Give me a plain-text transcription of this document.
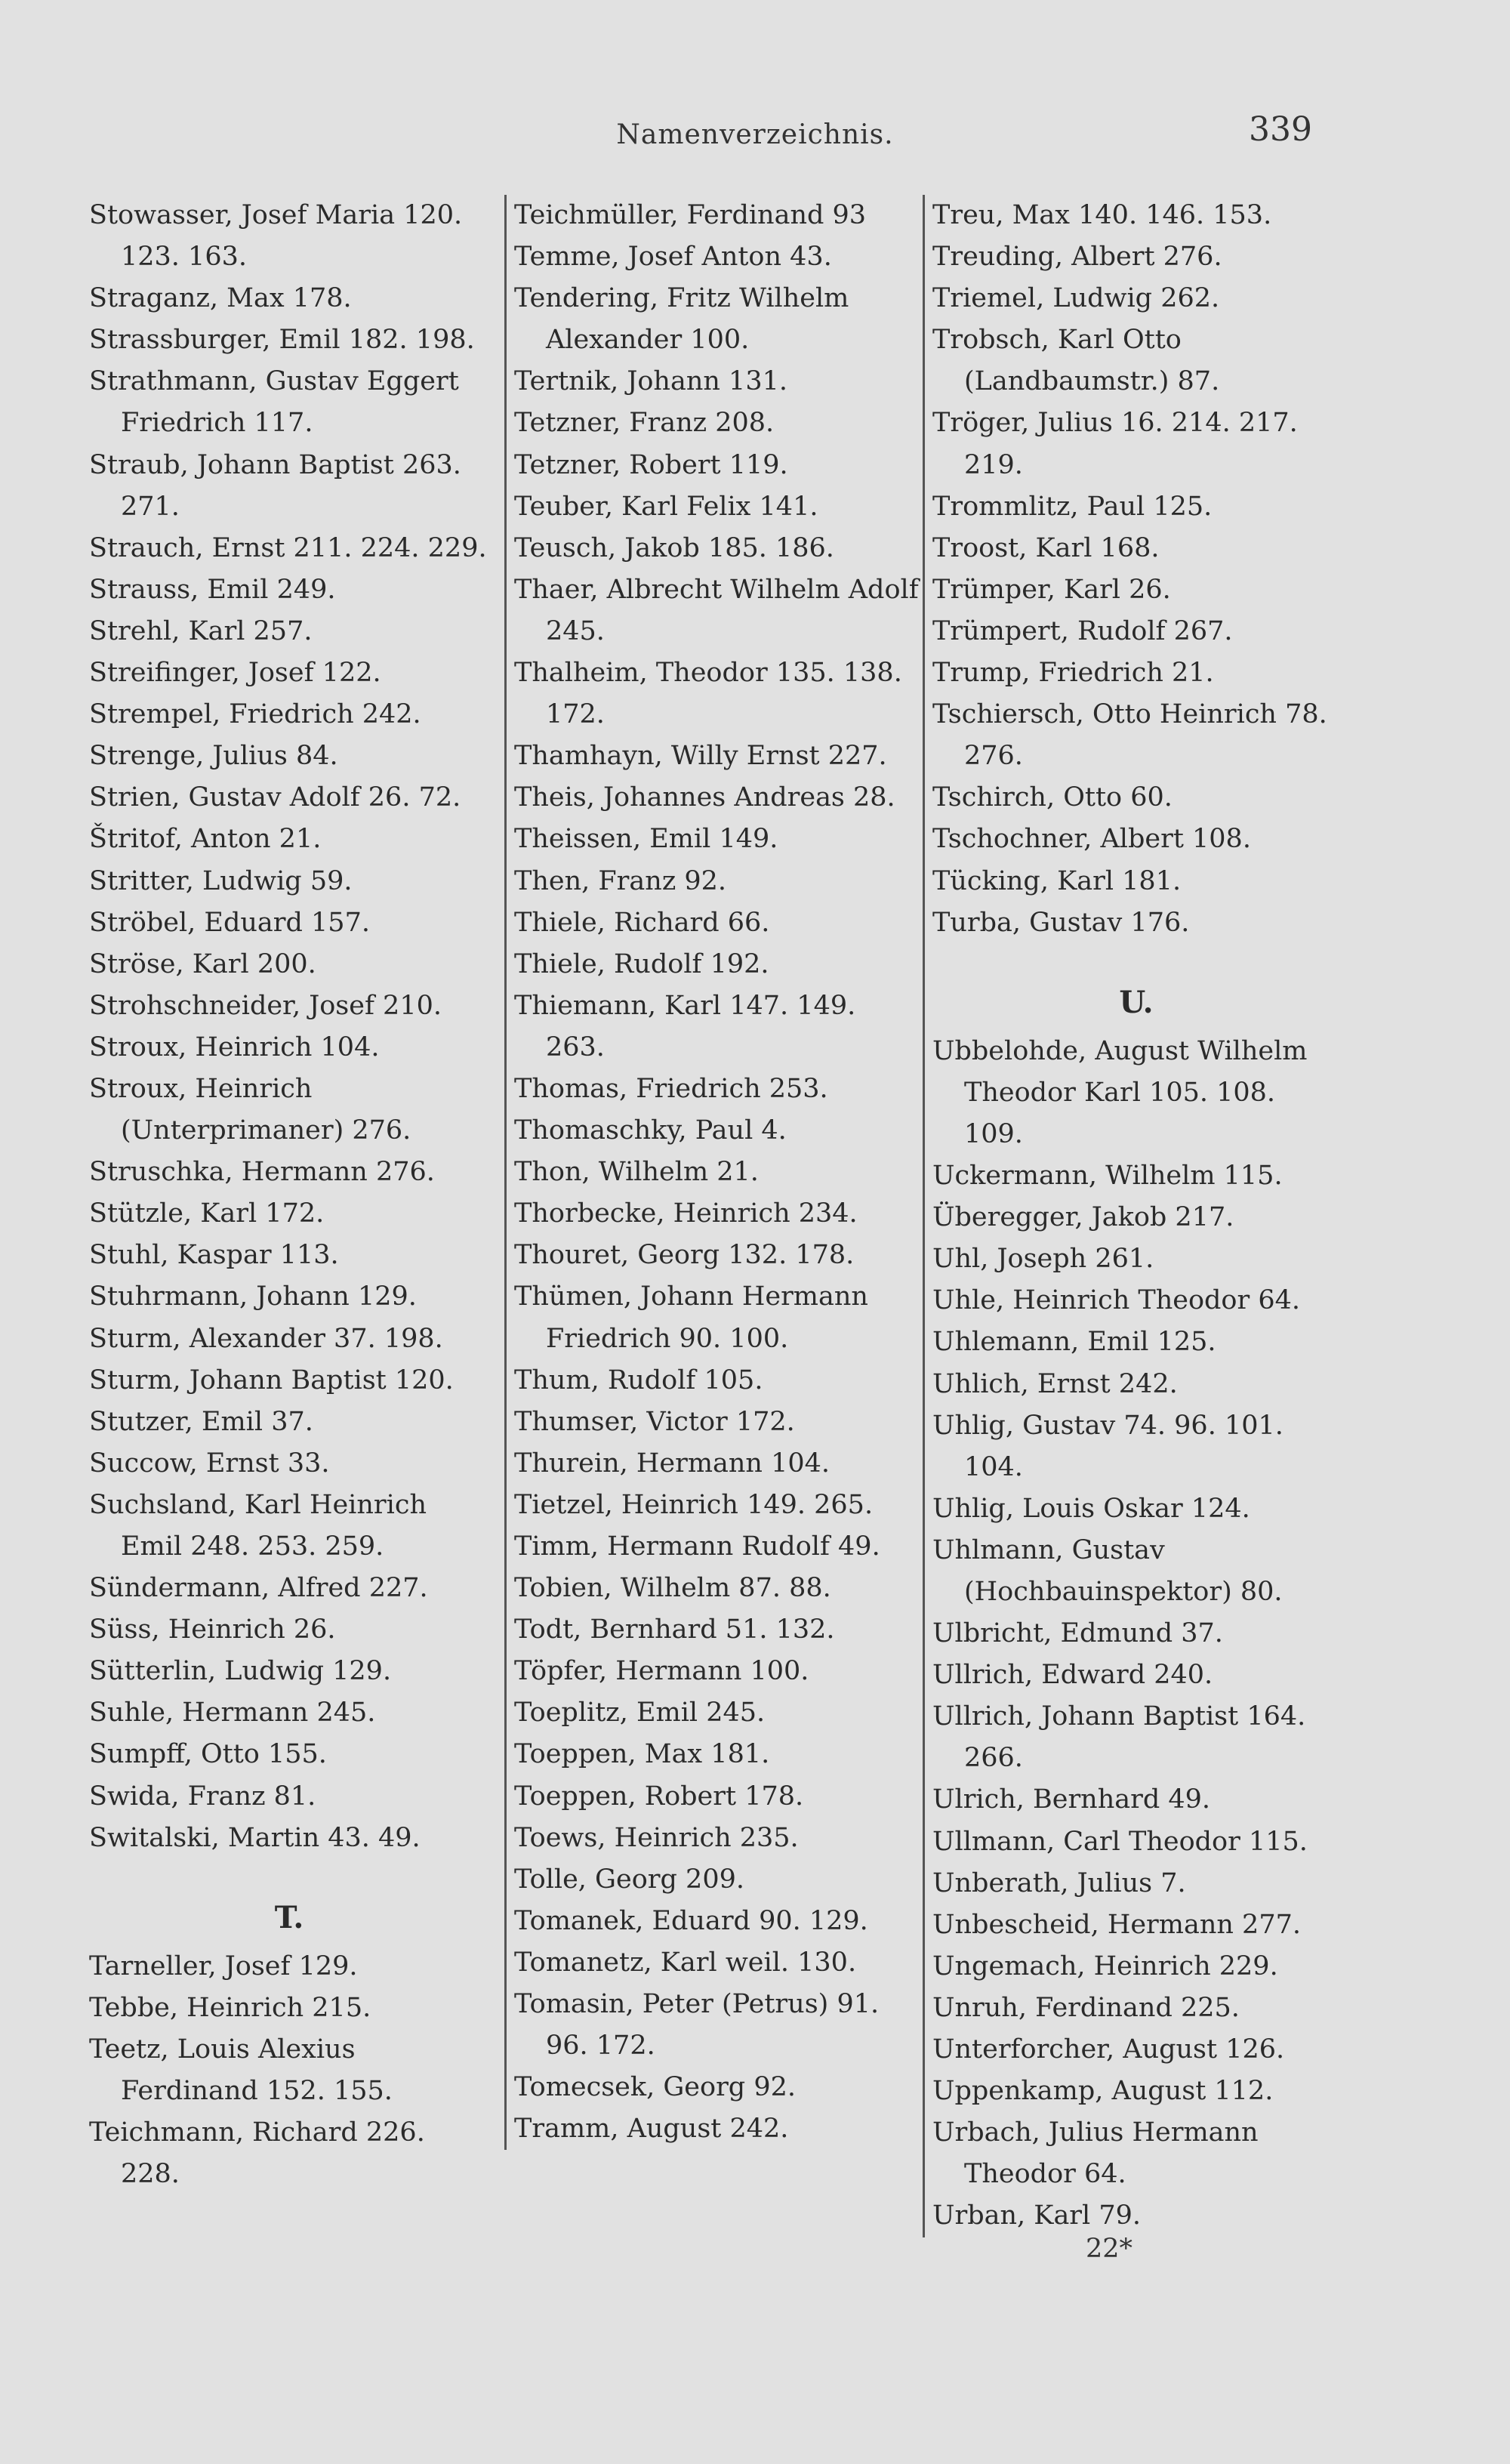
Namenverzeichnis.	339
Stowasser, Josef Maria 120. 123. 163.
Straganz, Max 178.
Strassburger, Emil 182. 198.
Strathmann, Gustav Eggert Friedrich 117.
Straub, Johann Baptist 263. 271.
Strauch, Ernst 211. 224. 229.
Strauss, Emil 249.
Strehl, Karl 257.
Streifinger, Josef 122.
Strempel, Friedrich 242.
Strenge, Julius 84.
Strien, Gustav Adolf 26. 72.
Štritof, Anton 21.
Stritter, Ludwig 59.
Ströbel, Eduard 157.
Ströse, Karl 200.
Strohschneider, Josef 210.
Stroux, Heinrich 104.
Stroux, Heinrich (Unterprimaner) 276.
Struschka, Hermann 276.
Stützle, Karl 172.
Stuhl, Kaspar 113.
Stuhrmann, Johann 129.
Sturm, Alexander 37. 198.
Sturm, Johann Baptist 120.
Stutzer, Emil 37.
Succow, Ernst 33.
Suchsland, Karl Heinrich Emil 248. 253. 259.
Sündermann, Alfred 227.
Süss, Heinrich 26.
Sütterlin, Ludwig 129.
Suhle, Hermann 245.
Sumpff, Otto 155.
Swida, Franz 81.
Switalski, Martin 43. 49.
T.
Tarneller, Josef 129.
Tebbe, Heinrich 215.
Teetz, Louis Alexius Ferdinand 152. 155.
Teichmann, Richard 226. 228.
Teichmüller, Ferdinand 93
Temme, Josef Anton 43.
Tendering, Fritz Wilhelm Alexander 100.
Tertnik, Johann 131.
Tetzner, Franz 208.
Tetzner, Robert 119.
Teuber, Karl Felix 141.
Teusch, Jakob 185. 186.
Thaer, Albrecht Wilhelm Adolf 245.
Thalheim, Theodor 135. 138. 172.
Thamhayn, Willy Ernst 227.
Theis, Johannes Andreas 28.
Theissen, Emil 149.
Then, Franz 92.
Thiele, Richard 66.
Thiele, Rudolf 192.
Thiemann, Karl 147. 149. 263.
Thomas, Friedrich 253.
Thomaschky, Paul 4.
Thon, Wilhelm 21.
Thorbecke, Heinrich 234.
Thouret, Georg 132. 178.
Thümen, Johann Hermann Friedrich 90. 100.
Thum, Rudolf 105.
Thumser, Victor 172.
Thurein, Hermann 104.
Tietzel, Heinrich 149. 265.
Timm, Hermann Rudolf 49.
Tobien, Wilhelm 87. 88.
Todt, Bernhard 51. 132.
Töpfer, Hermann 100.
Toeplitz, Emil 245.
Toeppen, Max 181.
Toeppen, Robert 178.
Toews, Heinrich 235.
Tolle, Georg 209.
Tomanek, Eduard 90. 129.
Tomanetz, Karl weil. 130.
Tomasin, Peter (Petrus) 91. 96. 172.
Tomecsek, Georg 92.
Tramm, August 242.
Treu, Max 140. 146. 153.
Treuding, Albert 276.
Triemel, Ludwig 262.
Trobsch, Karl Otto (Landbaumstr.) 87.
Tröger, Julius 16. 214. 217. 219.
Trommlitz, Paul 125.
Troost, Karl 168.
Trümper, Karl 26.
Trümpert, Rudolf 267.
Trump, Friedrich 21.
Tschiersch, Otto Heinrich 78. 276.
Tschirch, Otto 60.
Tschochner, Albert 108.
Tücking, Karl 181.
Turba, Gustav 176.
U.
Ubbelohde, August Wilhelm Theodor Karl 105. 108. 109.
Uckermann, Wilhelm 115.
Überegger, Jakob 217.
Uhl, Joseph 261.
Uhle, Heinrich Theodor 64.
Uhlemann, Emil 125.
Uhlich, Ernst 242.
Uhlig, Gustav 74. 96. 101. 104.
Uhlig, Louis Oskar 124.
Uhlmann, Gustav (Hochbauinspektor) 80.
Ulbricht, Edmund 37.
Ullrich, Edward 240.
Ullrich, Johann Baptist 164. 266.
Ulrich, Bernhard 49.
Ullmann, Carl Theodor 115.
Unberath, Julius 7.
Unbescheid, Hermann 277.
Ungemach, Heinrich 229.
Unruh, Ferdinand 225.
Unterforcher, August 126.
Uppenkamp, August 112.
Urbach, Julius Hermann Theodor 64.
Urban, Karl 79.
22*
